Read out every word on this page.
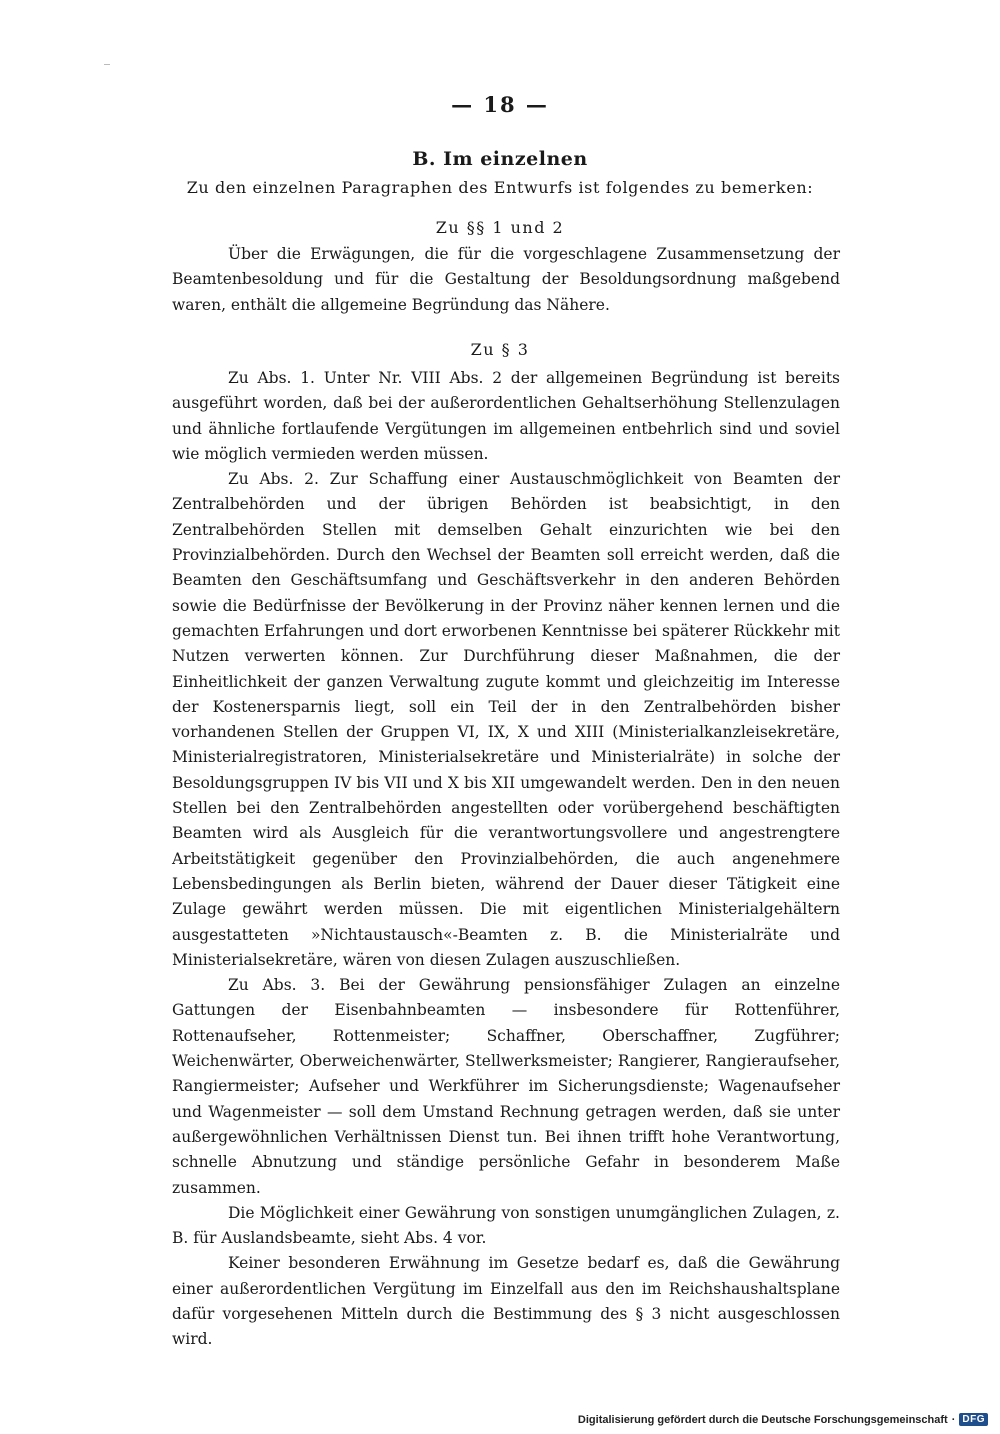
— 18 —
B. Im einzelnen
Zu den einzelnen Paragraphen des Entwurfs ist folgendes zu bemerken:
Zu §§ 1 und 2

Über die Erwägungen, die für die vorgeschlagene Zusammensetzung der Beamtenbesoldung und für die Gestaltung der Besoldungsordnung maßgebend waren, enthält die allgemeine Begründung das Nähere.

Zu § 3

Zu Abs. 1. Unter Nr. VIII Abs. 2 der allgemeinen Begründung ist bereits ausgeführt worden, daß bei der außerordentlichen Gehaltserhöhung Stellenzulagen und ähnliche fortlaufende Vergütungen im allgemeinen entbehrlich sind und soviel wie möglich vermieden werden müssen.

Zu Abs. 2. Zur Schaffung einer Austauschmöglichkeit von Beamten der Zentralbehörden und der übrigen Behörden ist beabsichtigt, in den Zentralbehörden Stellen mit demselben Gehalt einzurichten wie bei den Provinzialbehörden. Durch den Wechsel der Beamten soll erreicht werden, daß die Beamten den Geschäftsumfang und Geschäftsverkehr in den anderen Behörden sowie die Bedürfnisse der Bevölkerung in der Provinz näher kennen lernen und die gemachten Erfahrungen und dort erworbenen Kenntnisse bei späterer Rückkehr mit Nutzen verwerten können. Zur Durchführung dieser Maßnahmen, die der Einheitlichkeit der ganzen Verwaltung zugute kommt und gleichzeitig im Interesse der Kostenersparnis liegt, soll ein Teil der in den Zentralbehörden bisher vorhandenen Stellen der Gruppen VI, IX, X und XIII (Ministerialkanzleisekretäre, Ministerialregistratoren, Ministerialsekretäre und Ministerialräte) in solche der Besoldungsgruppen IV bis VII und X bis XII umgewandelt werden. Den in den neuen Stellen bei den Zentralbehörden angestellten oder vorübergehend beschäftigten Beamten wird als Ausgleich für die verantwortungsvollere und angestrengtere Arbeitstätigkeit gegenüber den Provinzialbehörden, die auch angenehmere Lebensbedingungen als Berlin bieten, während der Dauer dieser Tätigkeit eine Zulage gewährt werden müssen. Die mit eigentlichen Ministerialgehältern ausgestatteten »Nichtaustausch«-Beamten z. B. die Ministerialräte und Ministerialsekretäre, wären von diesen Zulagen auszuschließen.

Zu Abs. 3. Bei der Gewährung pensionsfähiger Zulagen an einzelne Gattungen der Eisenbahnbeamten — insbesondere für Rottenführer, Rottenaufseher, Rottenmeister; Schaffner, Oberschaffner, Zugführer; Weichenwärter, Oberweichenwärter, Stellwerksmeister; Rangierer, Rangieraufseher, Rangiermeister; Aufseher und Werkführer im Sicherungsdienste; Wagenaufseher und Wagenmeister — soll dem Umstand Rechnung getragen werden, daß sie unter außergewöhnlichen Verhältnissen Dienst tun. Bei ihnen trifft hohe Verantwortung, schnelle Abnutzung und ständige persönliche Gefahr in besonderem Maße zusammen.

Die Möglichkeit einer Gewährung von sonstigen unumgänglichen Zulagen, z. B. für Auslandsbeamte, sieht Abs. 4 vor.

Keiner besonderen Erwähnung im Gesetze bedarf es, daß die Gewährung einer außerordentlichen Vergütung im Einzelfall aus den im Reichshaushaltsplane dafür vorgesehenen Mitteln durch die Bestimmung des § 3 nicht ausgeschlossen wird.

Digitalisierung gefördert durch die Deutsche Forschungsgemeinschaft · DFG
